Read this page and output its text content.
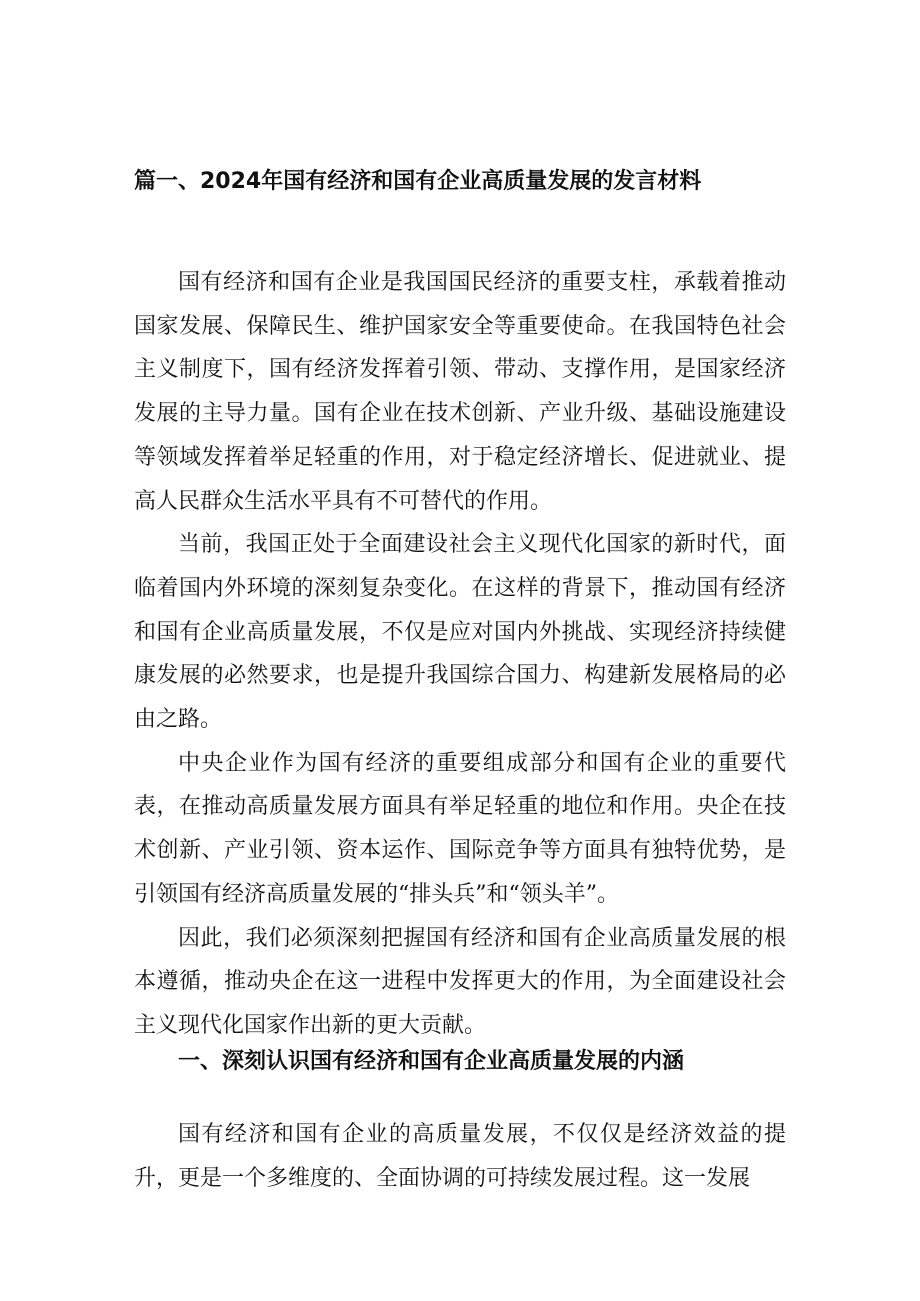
篇一、2024年国有经济和国有企业高质量发展的发言材料

国有经济和国有企业是我国国民经济的重要支柱，承载着推动国家发展、保障民生、维护国家安全等重要使命。在我国特色社会主义制度下，国有经济发挥着引领、带动、支撑作用，是国家经济发展的主导力量。国有企业在技术创新、产业升级、基础设施建设等领域发挥着举足轻重的作用，对于稳定经济增长、促进就业、提高人民群众生活水平具有不可替代的作用。

当前，我国正处于全面建设社会主义现代化国家的新时代，面临着国内外环境的深刻复杂变化。在这样的背景下，推动国有经济和国有企业高质量发展，不仅是应对国内外挑战、实现经济持续健康发展的必然要求，也是提升我国综合国力、构建新发展格局的必由之路。

中央企业作为国有经济的重要组成部分和国有企业的重要代表，在推动高质量发展方面具有举足轻重的地位和作用。央企在技术创新、产业引领、资本运作、国际竞争等方面具有独特优势，是引领国有经济高质量发展的“排头兵”和“领头羊”。

因此，我们必须深刻把握国有经济和国有企业高质量发展的根本遵循，推动央企在这一进程中发挥更大的作用，为全面建设社会主义现代化国家作出新的更大贡献。

一、深刻认识国有经济和国有企业高质量发展的内涵

国有经济和国有企业的高质量发展，不仅仅是经济效益的提升，更是一个多维度的、全面协调的可持续发展过程。这一发展
